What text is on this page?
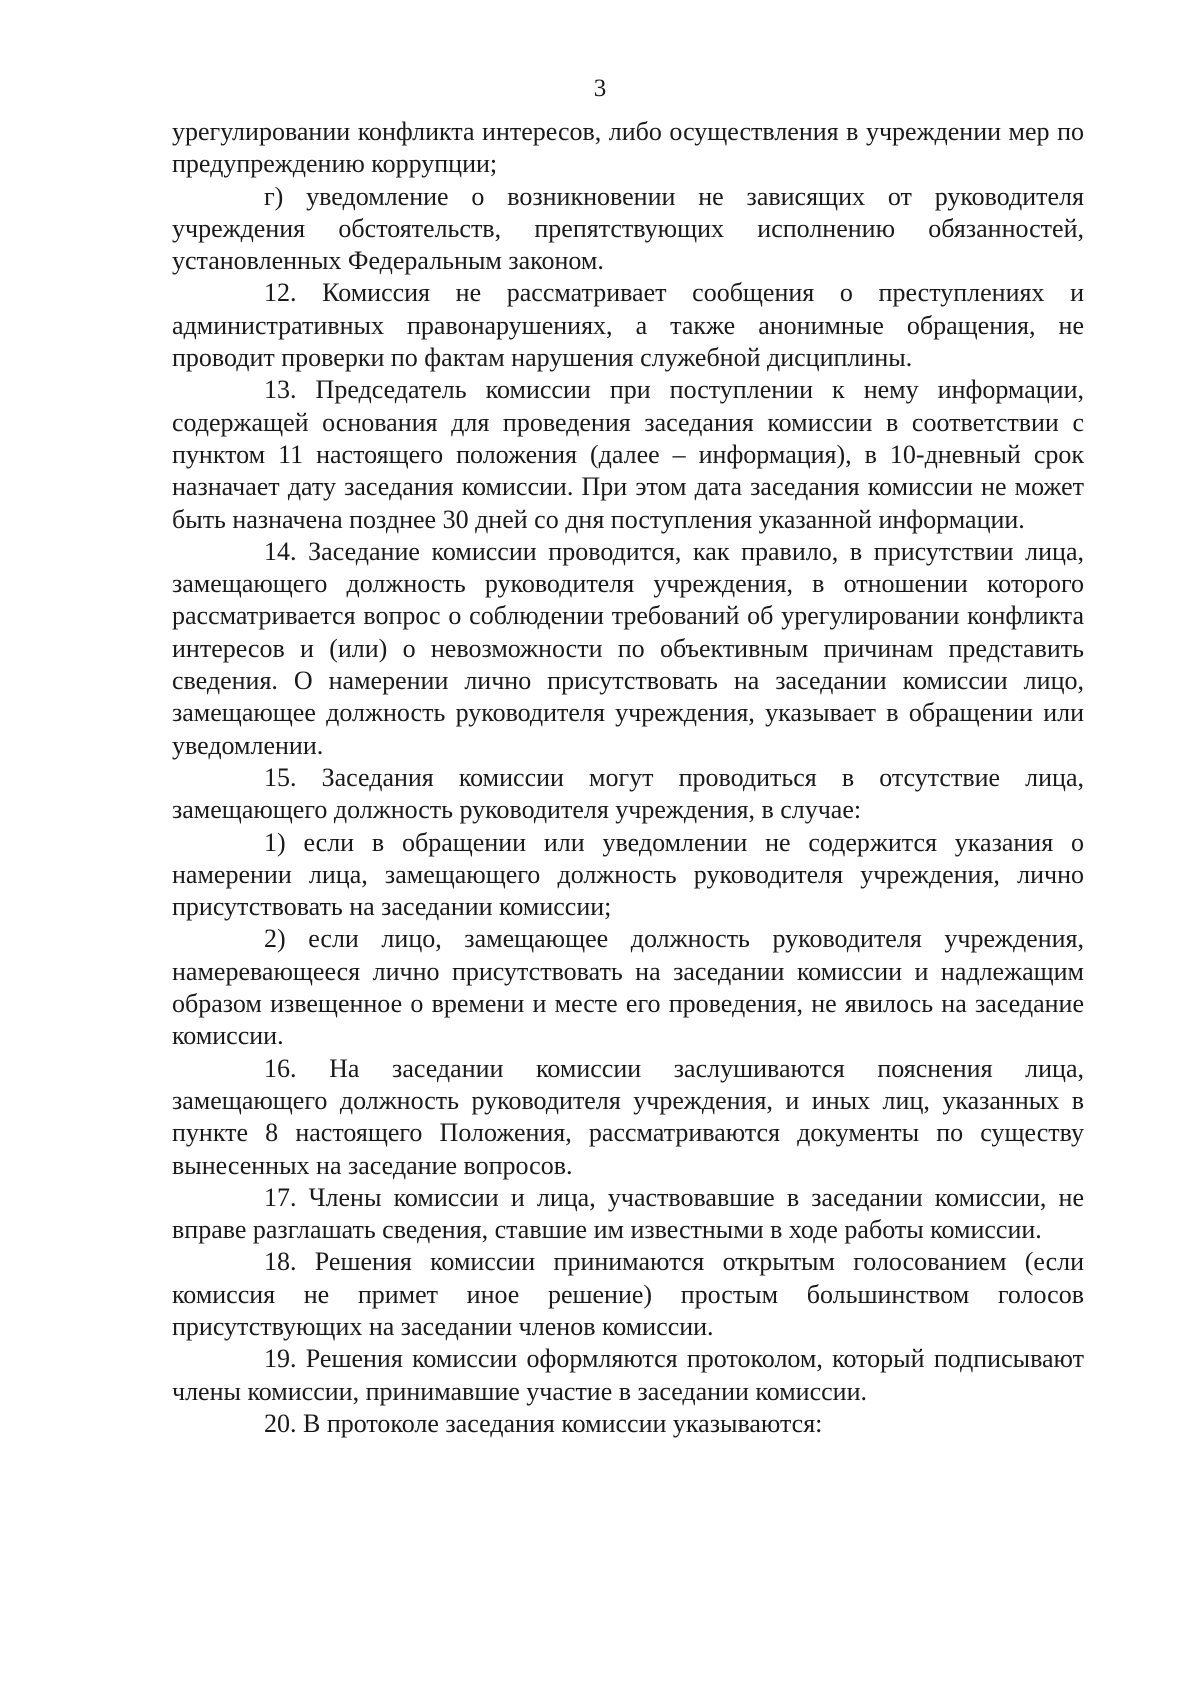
3

урегулировании конфликта интересов, либо осуществления в учреждении мер по предупреждению коррупции;

г) уведомление о возникновении не зависящих от руководителя учреждения обстоятельств, препятствующих исполнению обязанностей, установленных Федеральным законом.

12. Комиссия не рассматривает сообщения о преступлениях и административных правонарушениях, а также анонимные обращения, не проводит проверки по фактам нарушения служебной дисциплины.

13. Председатель комиссии при поступлении к нему информации, содержащей основания для проведения заседания комиссии в соответствии с пунктом 11 настоящего положения (далее – информация), в 10-дневный срок назначает дату заседания комиссии. При этом дата заседания комиссии не может быть назначена позднее 30 дней со дня поступления указанной информации.

14. Заседание комиссии проводится, как правило, в присутствии лица, замещающего должность руководителя учреждения, в отношении которого рассматривается вопрос о соблюдении требований об урегулировании конфликта интересов и (или) о невозможности по объективным причинам представить сведения. О намерении лично присутствовать на заседании комиссии лицо, замещающее должность руководителя учреждения, указывает в обращении или уведомлении.

15. Заседания комиссии могут проводиться в отсутствие лица, замещающего должность руководителя учреждения, в случае:

1) если в обращении или уведомлении не содержится указания о намерении лица, замещающего должность руководителя учреждения, лично присутствовать на заседании комиссии;

2) если лицо, замещающее должность руководителя учреждения, намеревающееся лично присутствовать на заседании комиссии и надлежащим образом извещенное о времени и месте его проведения, не явилось на заседание комиссии.

16. На заседании комиссии заслушиваются пояснения лица, замещающего должность руководителя учреждения, и иных лиц, указанных в пункте 8 настоящего Положения, рассматриваются документы по существу вынесенных на заседание вопросов.

17. Члены комиссии и лица, участвовавшие в заседании комиссии, не вправе разглашать сведения, ставшие им известными в ходе работы комиссии.

18. Решения комиссии принимаются открытым голосованием (если комиссия не примет иное решение) простым большинством голосов присутствующих на заседании членов комиссии.

19. Решения комиссии оформляются протоколом, который подписывают члены комиссии, принимавшие участие в заседании комиссии.

20. В протоколе заседания комиссии указываются:
